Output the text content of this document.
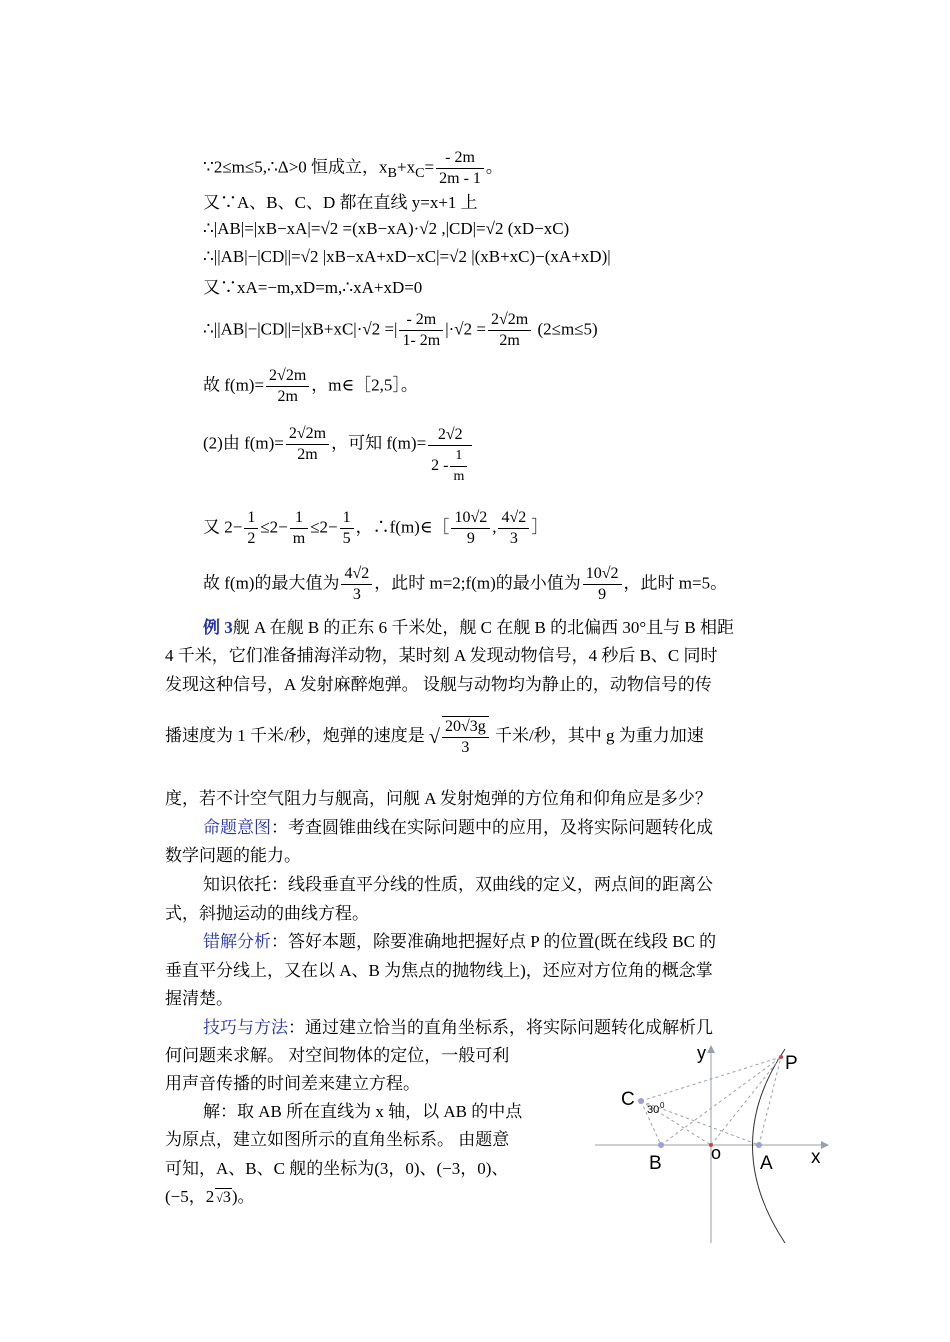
∵2≤m≤5,∴Δ>0 恒成立，$x_B+x_C= \frac{- 2m}{2m - 1}$ 。
又∵A、B、C、D 都在直线 y=x+1 上
∴|AB|=|xB−xA|=√2 =(xB−xA)·√2 ,|CD|=√2 (xD−xC)
∴||AB|−|CD||=√2 |xB−xA+xD−xC|=√2 |(xB+xC)−(xA+xD)|
又∵xA=−m,xD=m,∴xA+xD=0
∴||AB|−|CD||=|xB+xC|·√2 =| $\frac{- 2m}{1- 2m} |\cdot√2 = \frac{2√2m}{2m} (2\le m\le 5)$
故 $f(m)= \frac{2√2m}{2m}$ ，m∈［2,5］。
(2)由 $f(m)= \frac{2√2m}{2m}$ ，可知 $f(m)= \frac{2√2}{2 - \frac{1}{m}}$
又 $2- \frac{1}{2} \le 2- \frac{1}{m} \le 2- \frac{1}{5}$ ，∴f(m)∈［ $\frac{10√2}{9}$ , $\frac{4√2}{3}$ ］
故 f(m)的最大值为 $\frac{4√2}{3}$ ，此时 m=2;f(m)的最小值为 $\frac{10√2}{9}$ ，此时 m=5。
例 3舰 A 在舰 B 的正东 6 千米处，舰 C 在舰 B 的北偏西 30°且与 B 相距
4 千米，它们准备捕海洋动物，某时刻 A 发现动物信号，4 秒后 B、C 同时
发现这种信号，A 发射麻醉炮弹。 设舰与动物均为静止的，动物信号的传
播速度为 1 千米/秒，炮弹的速度是 √ $\frac{20√3g}{3}$ 千米/秒，其中 g 为重力加速
度，若不计空气阻力与舰高，问舰 A 发射炮弹的方位角和仰角应是多少？
命题意图：考查圆锥曲线在实际问题中的应用，及将实际问题转化成
数学问题的能力。
知识依托：线段垂直平分线的性质，双曲线的定义，两点间的距离公
式，斜抛运动的曲线方程。
错解分析：答好本题，除要准确地把握好点 P 的位置(既在线段 BC 的
垂直平分线上，又在以 A、B 为焦点的抛物线上)，还应对方位角的概念掌
握清楚。
技巧与方法：通过建立恰当的直角坐标系，将实际问题转化成解析几
何问题来求解。 对空间物体的定位，一般可利
用声音传播的时间差来建立方程。
解：取 AB 所在直线为 x 轴，以 AB 的中点
为原点，建立如图所示的直角坐标系。 由题意
可知，A、B、C 舰的坐标为(3，0)、(−3，0)、
(−5，2 √3)。
y	P
C 30 0
B	o A x
